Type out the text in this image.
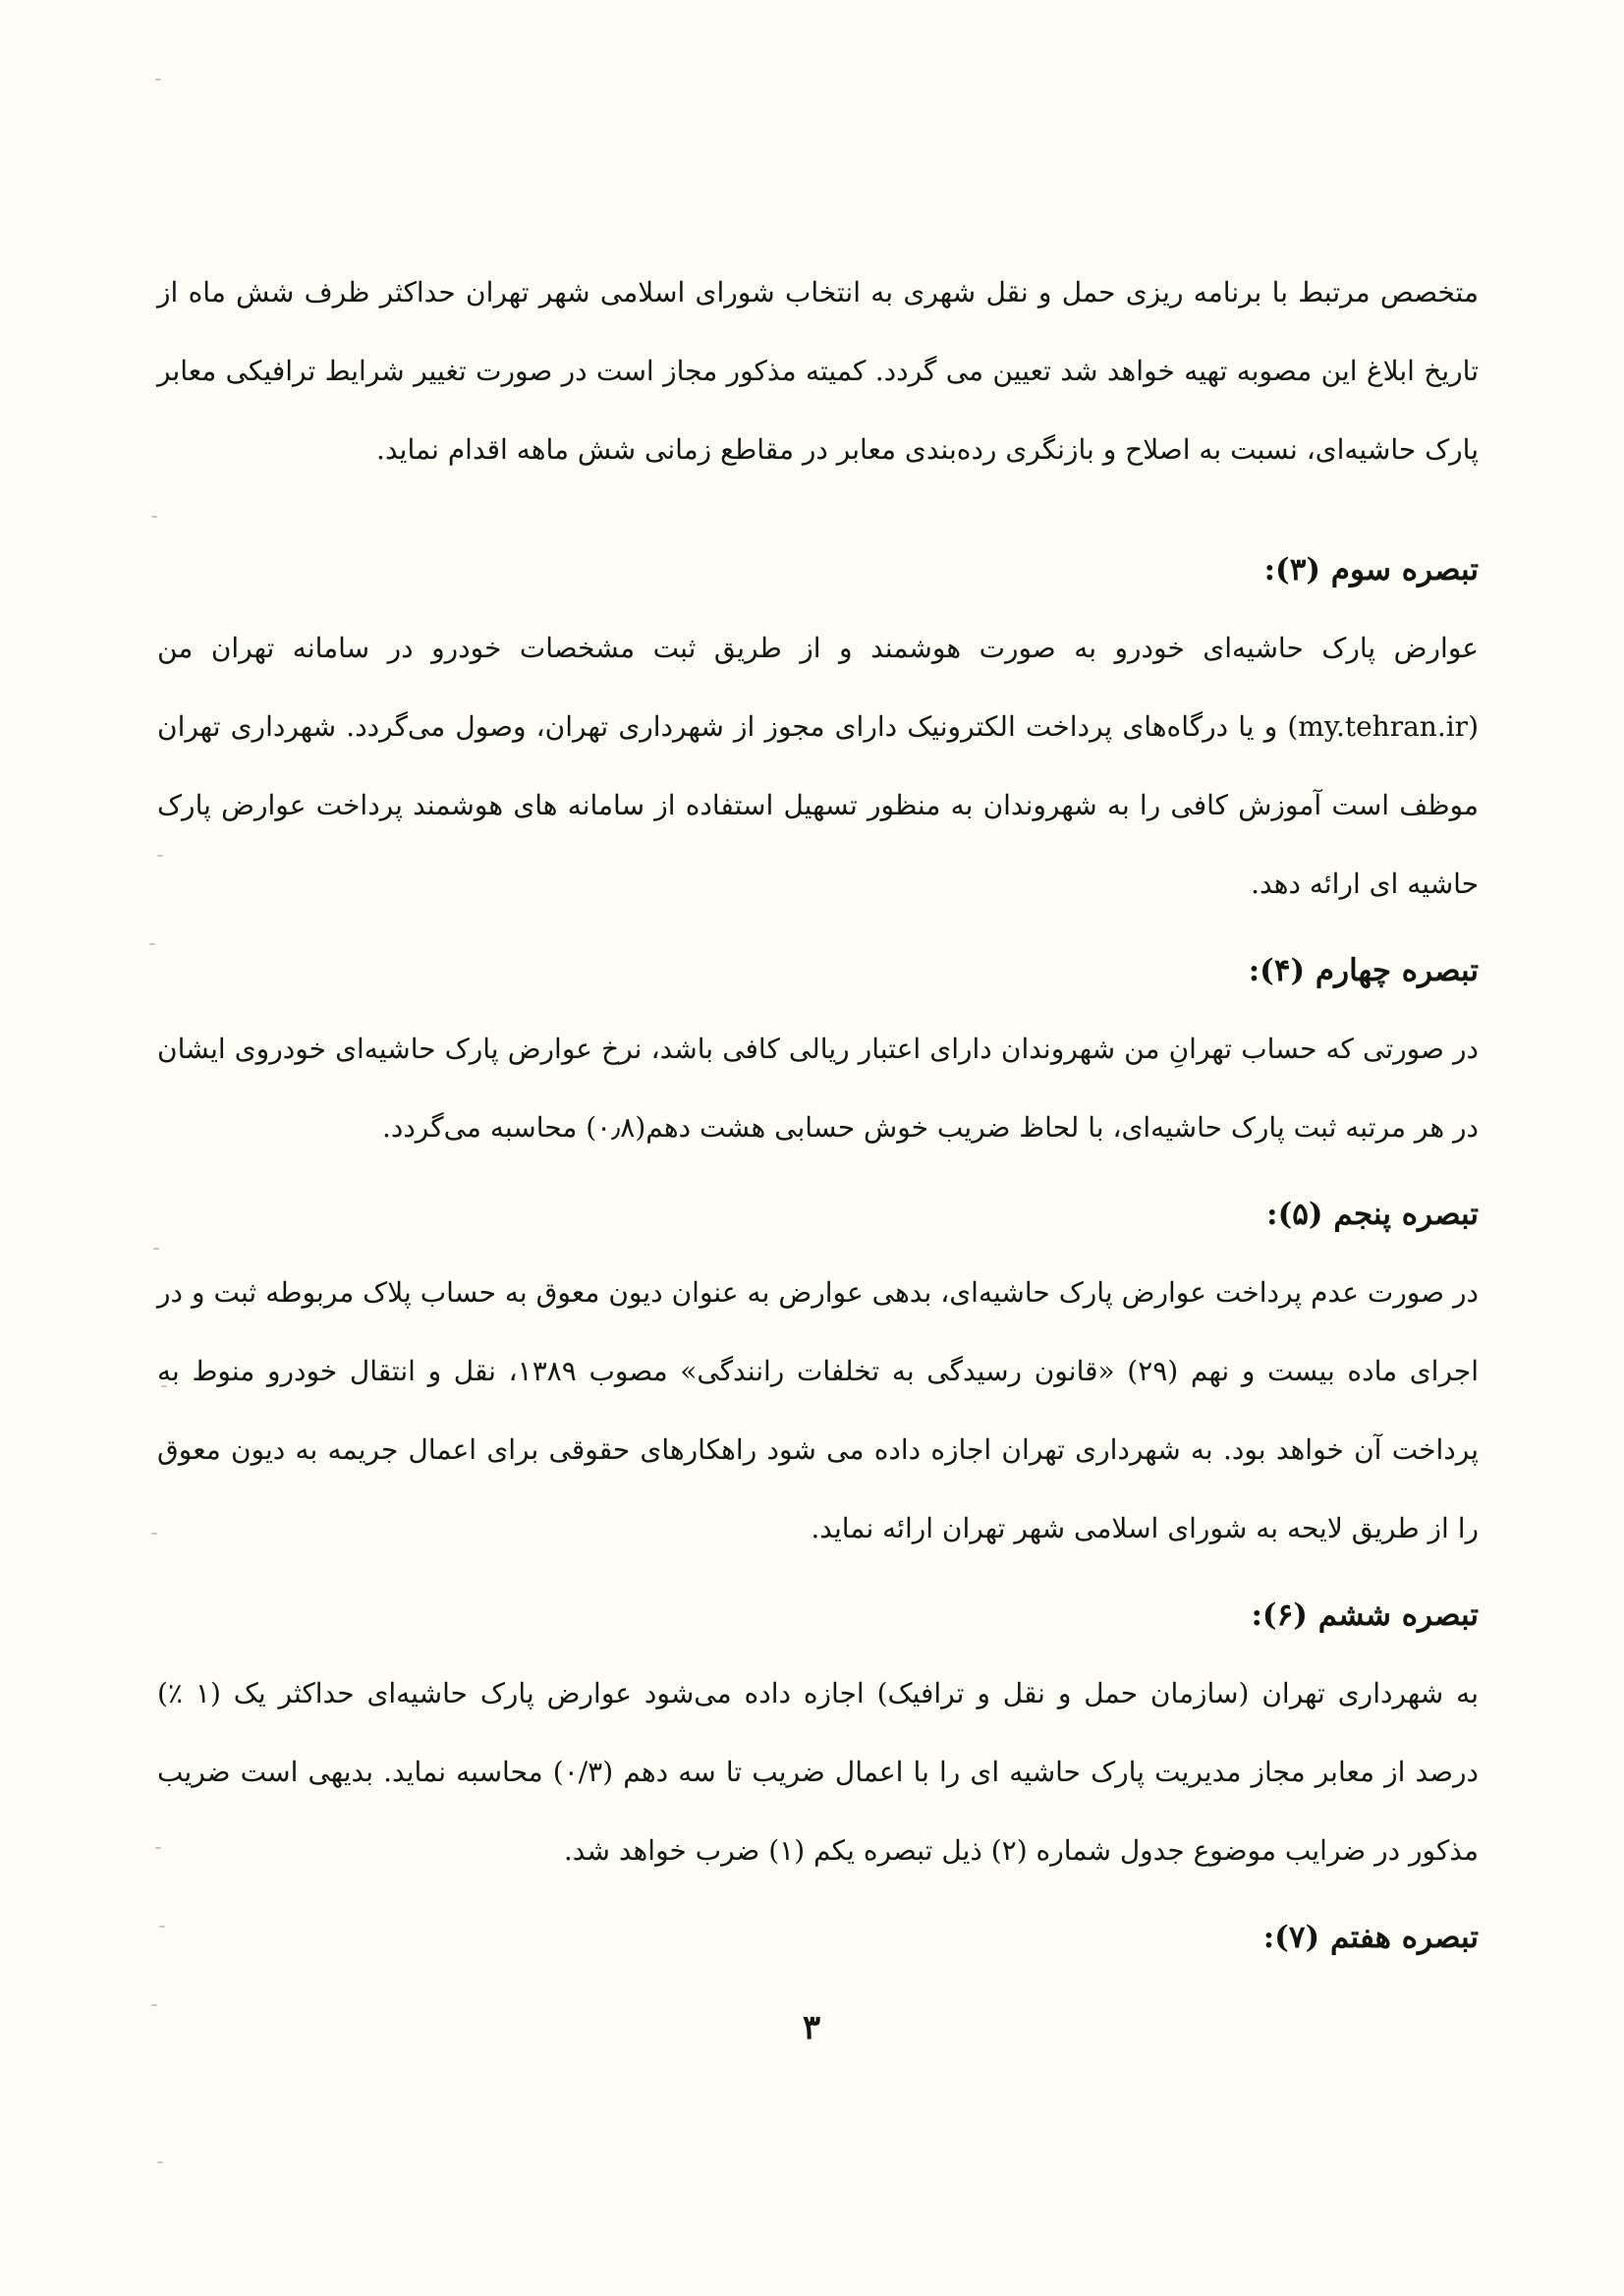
متخصص مرتبط با برنامه ریزی حمل و نقل شهری به انتخاب شورای اسلامی شهر تهران حداکثر ظرف شش ماه از تاریخ ابلاغ این مصوبه تهیه خواهد شد تعیین می گردد. کمیته مذکور مجاز است در صورت تغییر شرایط ترافیکی معابر پارک حاشیه‌ای، نسبت به اصلاح و بازنگری رده‌بندی معابر در مقاطع زمانی شش ماهه اقدام نماید.

تبصره سوم (۳):

عوارض پارک حاشیه‌ای خودرو به صورت هوشمند و از طریق ثبت مشخصات خودرو در سامانه تهران من (my.tehran.ir) و یا درگاه‌های پرداخت الکترونیک دارای مجوز از شهرداری تهران، وصول می‌گردد. شهرداری تهران موظف است آموزش کافی را به شهروندان به منظور تسهیل استفاده از سامانه های هوشمند پرداخت عوارض پارک حاشیه ای ارائه دهد.

تبصره چهارم (۴):

در صورتی که حساب تهرانِ من شهروندان دارای اعتبار ریالی کافی باشد، نرخ عوارض پارک حاشیه‌ای خودروی ایشان در هر مرتبه ثبت پارک حاشیه‌ای، با لحاظ ضریب خوش حسابی هشت دهم(۰٫۸) محاسبه می‌گردد.

تبصره پنجم (۵):

در صورت عدم پرداخت عوارض پارک حاشیه‌ای، بدهی عوارض به عنوان دیون معوق به حساب پلاک مربوطه ثبت و در اجرای ماده بیست و نهم (۲۹) «قانون رسیدگی به تخلفات رانندگی» مصوب ۱۳۸۹، نقل و انتقال خودرو منوط به پرداخت آن خواهد بود. به شهرداری تهران اجازه داده می شود راهکارهای حقوقی برای اعمال جریمه به دیون معوق را از طریق لایحه به شورای اسلامی شهر تهران ارائه نماید.

تبصره ششم (۶):

به شهرداری تهران (سازمان حمل و نقل و ترافیک) اجازه داده می‌شود عوارض پارک حاشیه‌ای حداکثر یک (۱ ٪) درصد از معابر مجاز مدیریت پارک حاشیه ای را با اعمال ضریب تا سه دهم (۰/۳) محاسبه نماید. بدیهی است ضریب مذکور در ضرایب موضوع جدول شماره (۲) ذیل تبصره یکم (۱) ضرب خواهد شد.

تبصره هفتم (۷):
۳
